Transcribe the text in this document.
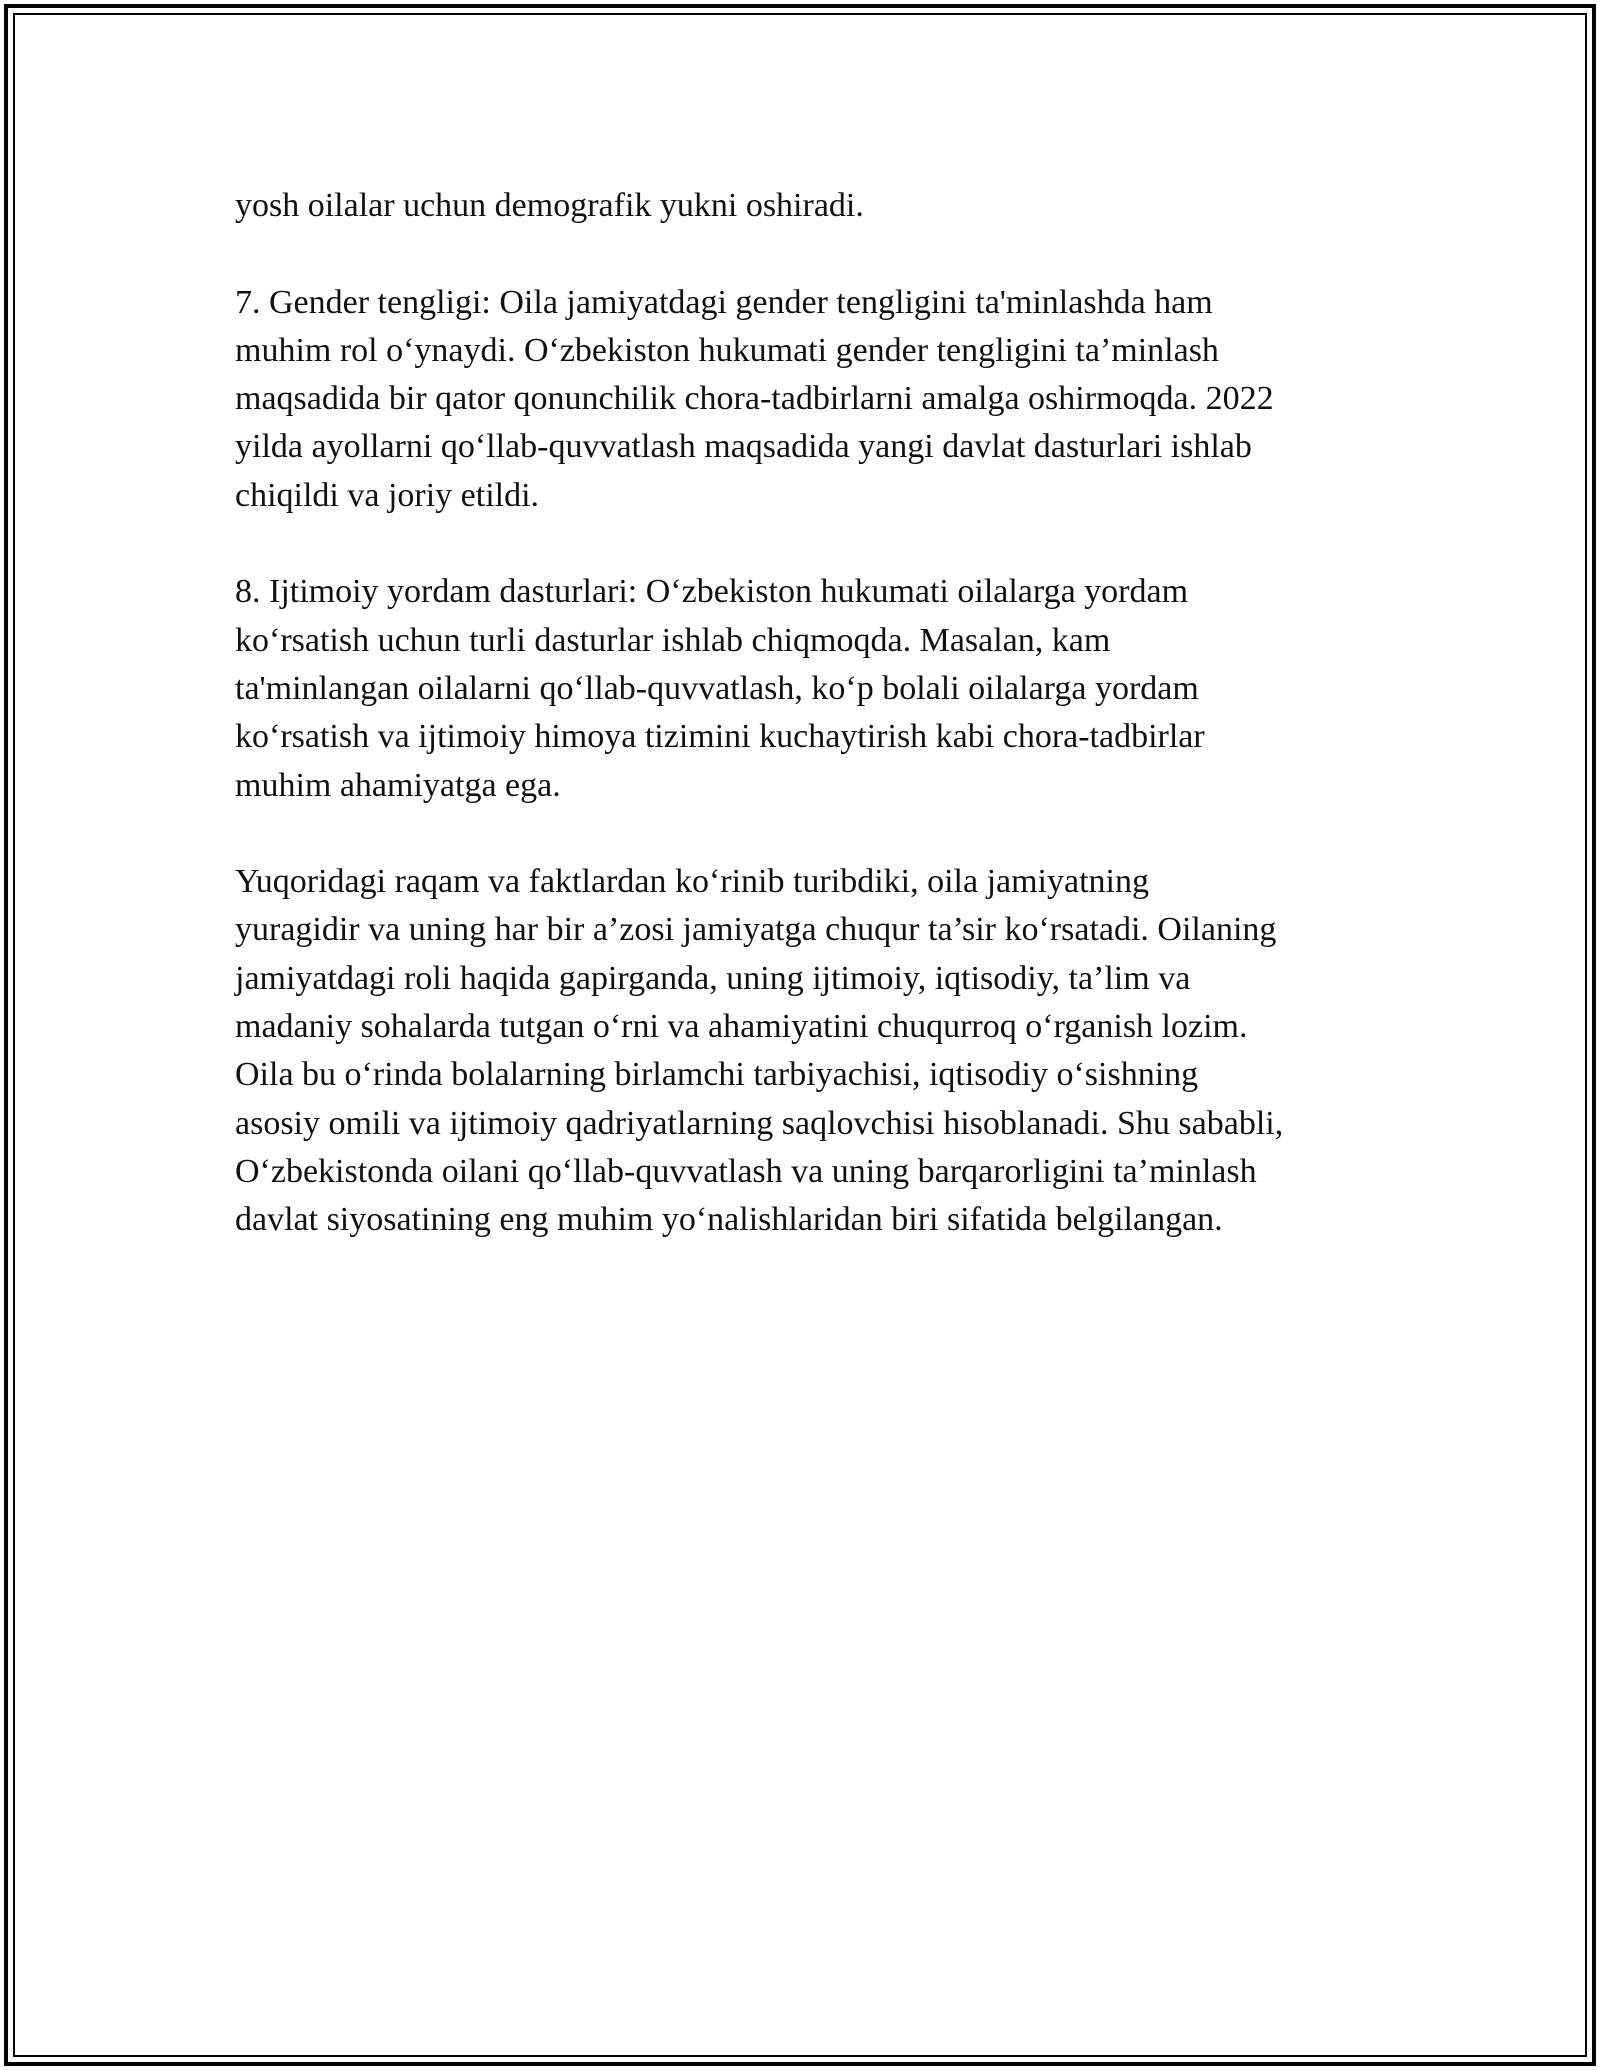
yosh oilalar uchun demografik yukni oshiradi.

7. Gender tengligi: Oila jamiyatdagi gender tengligini ta'minlashda ham
muhim rol o‘ynaydi. O‘zbekiston hukumati gender tengligini ta’minlash
maqsadida bir qator qonunchilik chora-tadbirlarni amalga oshirmoqda. 2022
yilda ayollarni qo‘llab-quvvatlash maqsadida yangi davlat dasturlari ishlab
chiqildi va joriy etildi.

8. Ijtimoiy yordam dasturlari: O‘zbekiston hukumati oilalarga yordam
ko‘rsatish uchun turli dasturlar ishlab chiqmoqda. Masalan, kam
ta'minlangan oilalarni qo‘llab-quvvatlash, ko‘p bolali oilalarga yordam
ko‘rsatish va ijtimoiy himoya tizimini kuchaytirish kabi chora-tadbirlar
muhim ahamiyatga ega.

Yuqoridagi raqam va faktlardan ko‘rinib turibdiki, oila jamiyatning
yuragidir va uning har bir a’zosi jamiyatga chuqur ta’sir ko‘rsatadi. Oilaning
jamiyatdagi roli haqida gapirganda, uning ijtimoiy, iqtisodiy, ta’lim va
madaniy sohalarda tutgan o‘rni va ahamiyatini chuqurroq o‘rganish lozim.
Oila bu o‘rinda bolalarning birlamchi tarbiyachisi, iqtisodiy o‘sishning
asosiy omili va ijtimoiy qadriyatlarning saqlovchisi hisoblanadi. Shu sababli,
O‘zbekistonda oilani qo‘llab-quvvatlash va uning barqarorligini ta’minlash
davlat siyosatining eng muhim yo‘nalishlaridan biri sifatida belgilangan.
